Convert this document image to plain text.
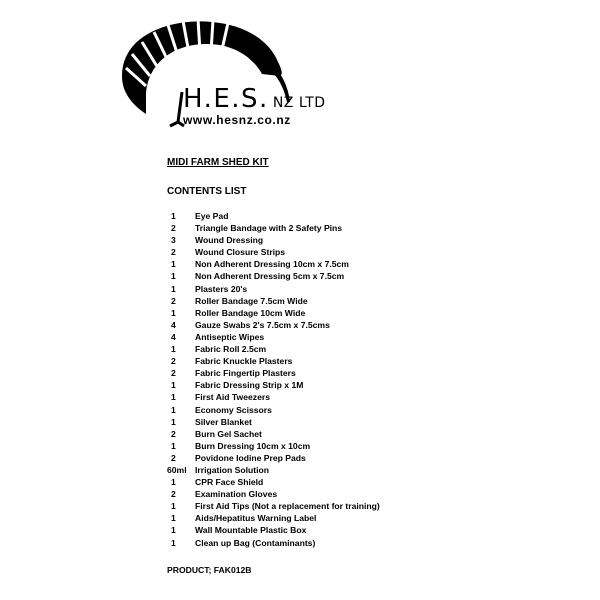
H.E.S. NZ LTD
www.hesnz.co.nz
MIDI FARM SHED KIT
CONTENTS LIST
1 Eye Pad
2 Triangle Bandage with 2 Safety Pins
3 Wound Dressing
2 Wound Closure Strips
1 Non Adherent Dressing 10cm x 7.5cm
1 Non Adherent Dressing 5cm x 7.5cm
1 Plasters 20's
2 Roller Bandage 7.5cm Wide
1 Roller Bandage 10cm Wide
4 Gauze Swabs 2's 7.5cm x 7.5cms
4 Antiseptic Wipes
1 Fabric Roll 2.5cm
2 Fabric Knuckle Plasters
2 Fabric Fingertip Plasters
1 Fabric Dressing Strip x 1M
1 First Aid Tweezers
1 Economy Scissors
1 Silver Blanket
2 Burn Gel Sachet
1 Burn Dressing 10cm x 10cm
2 Povidone Iodine Prep Pads
60ml Irrigation Solution
1 CPR Face Shield
2 Examination Gloves
1 First Aid Tips (Not a replacement for training)
1 Aids/Hepatitus Warning Label
1 Wall Mountable Plastic Box
1 Clean up Bag (Contaminants)
PRODUCT; FAK012B
